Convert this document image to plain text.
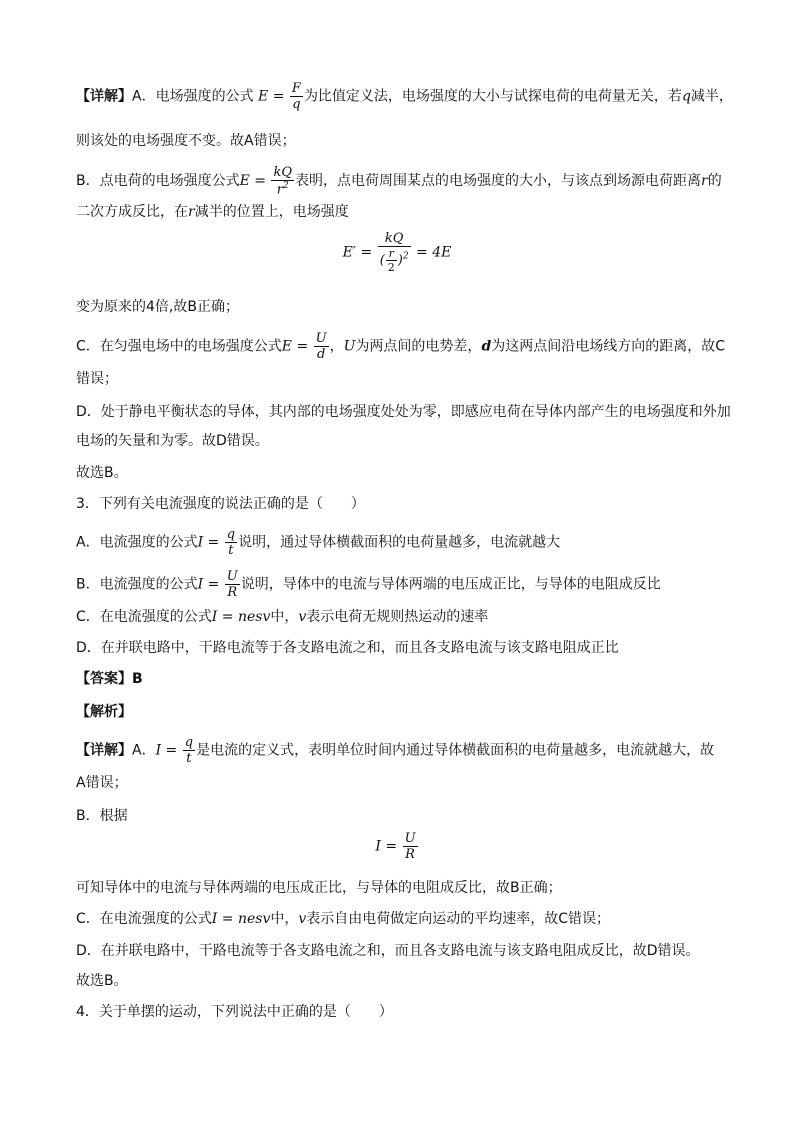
【详解】A．电场强度的公式 $E = \frac{F}{q}$ 为比值定义法，电场强度的大小与试探电荷的电荷量无关，若q减半，
则该处的电场强度不变。故A错误；
B．点电荷的电场强度公式$E = \frac{kQ}{r^2}$ 表明，点电荷周围某点的电场强度的大小，与该点到场源电荷距离r的
二次方成反比，在r减半的位置上，电场强度
$E' = \frac{kQ}{( \frac{r}{2} )^2} = 4E$
变为原来的4倍,故B正确；
C．在匀强电场中的电场强度公式$E = \frac{U}{d}$ ，U为两点间的电势差，d为这两点间沿电场线方向的距离，故C
错误；
D．处于静电平衡状态的导体，其内部的电场强度处处为零，即感应电荷在导体内部产生的电场强度和外加
电场的矢量和为零。故D错误。
故选B。
3．下列有关电流强度的说法正确的是（　　）
A．电流强度的公式$I = \frac{q}{t}$ 说明，通过导体横截面积的电荷量越多，电流就越大
B．电流强度的公式$I = \frac{U}{R}$ 说明，导体中的电流与导体两端的电压成正比，与导体的电阻成反比
C．在电流强度的公式I = nesv中，v表示电荷无规则热运动的速率
D．在并联电路中，干路电流等于各支路电流之和，而且各支路电流与该支路电阻成正比
【答案】B
【解析】
【详解】A．$I = \frac{q}{t}$ 是电流的定义式，表明单位时间内通过导体横截面积的电荷量越多，电流就越大，故
A错误；
B．根据
$I = \frac{U}{R}$
可知导体中的电流与导体两端的电压成正比，与导体的电阻成反比，故B正确；
C．在电流强度的公式I = nesv中，v表示自由电荷做定向运动的平均速率，故C错误；
D．在并联电路中，干路电流等于各支路电流之和，而且各支路电流与该支路电阻成反比，故D错误。
故选B。
4．关于单摆的运动，下列说法中正确的是（　　）
